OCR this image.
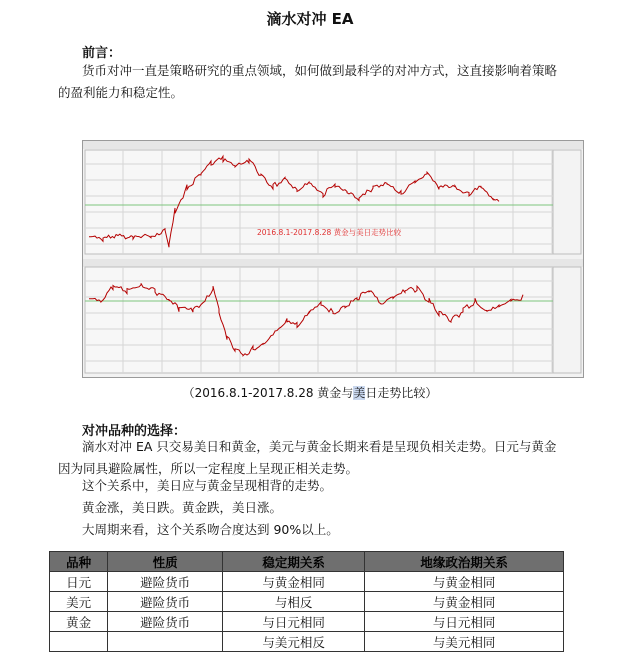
滴水对冲 EA
前言：
货币对冲一直是策略研究的重点领域，如何做到最科学的对冲方式，这直接影响着策略的盈利能力和稳定性。
2016.8.1-2017.8.28 黄金与美日走势比较
（2016.8.1-2017.8.28 黄金与美日走势比较）
对冲品种的选择：
滴水对冲 EA 只交易美日和黄金，美元与黄金长期来看是呈现负相关走势。日元与黄金因为同具避险属性，所以一定程度上呈现正相关走势。
这个关系中，美日应与黄金呈现相背的走势。
黄金涨，美日跌。黄金跌，美日涨。
大周期来看，这个关系吻合度达到 90%以上。
品种	性质	稳定期关系	地缘政治期关系
日元	避险货币	与黄金相同	与黄金相同
美元	避险货币	与相反	与黄金相同
黄金	避险货币	与日元相同	与日元相同
		与美元相反	与美元相同
